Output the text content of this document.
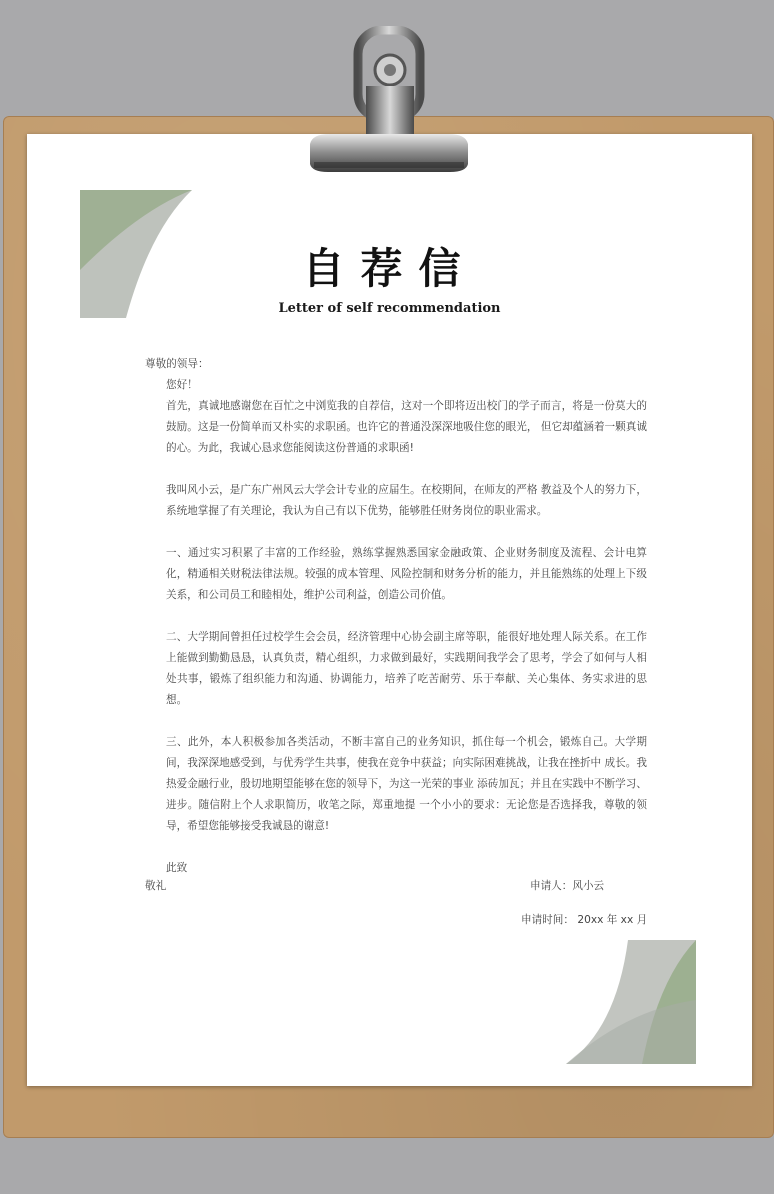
自荐信
Letter of self recommendation

尊敬的领导：

您好！

首先，真诚地感谢您在百忙之中浏览我的自荐信，这对一个即将迈出校门的学子而言，将是一份莫大的鼓励。这是一份简单而又朴实的求职函。也许它的普通没深深地吸住您的眼光， 但它却蕴涵着一颗真诚的心。为此，我诚心恳求您能阅读这份普通的求职函!

我叫风小云，是广东广州风云大学会计专业的应届生。在校期间，在师友的严格 教益及个人的努力下，系统地掌握了有关理论，我认为自己有以下优势，能够胜任财务岗位的职业需求。

一、通过实习积累了丰富的工作经验，熟练掌握熟悉国家金融政策、企业财务制度及流程、会计电算化，精通相关财税法律法规。较强的成本管理、风险控制和财务分析的能力，并且能熟练的处理上下级关系，和公司员工和睦相处，维护公司利益，创造公司价值。

二、大学期间曾担任过校学生会会员，经济管理中心协会副主席等职，能很好地处理人际关系。在工作上能做到勤勤恳恳，认真负责，精心组织，力求做到最好，实践期间我学会了思考，学会了如何与人相处共事，锻炼了组织能力和沟通、协调能力，培养了吃苦耐劳、乐于奉献、关心集体、务实求进的思想。

三、此外，本人积极参加各类活动，不断丰富自己的业务知识，抓住每一个机会，锻炼自己。大学期间，我深深地感受到，与优秀学生共事，使我在竞争中获益；向实际困难挑战，让我在挫折中 成长。我热爱金融行业，殷切地期望能够在您的领导下，为这一光荣的事业 添砖加瓦；并且在实践中不断学习、进步。随信附上个人求职简历，收笔之际，郑重地提 一个小小的要求：无论您是否选择我，尊敬的领导，希望您能够接受我诚恳的谢意!

此致

敬礼	申请人：风小云
申请时间： 20xx 年 xx 月
